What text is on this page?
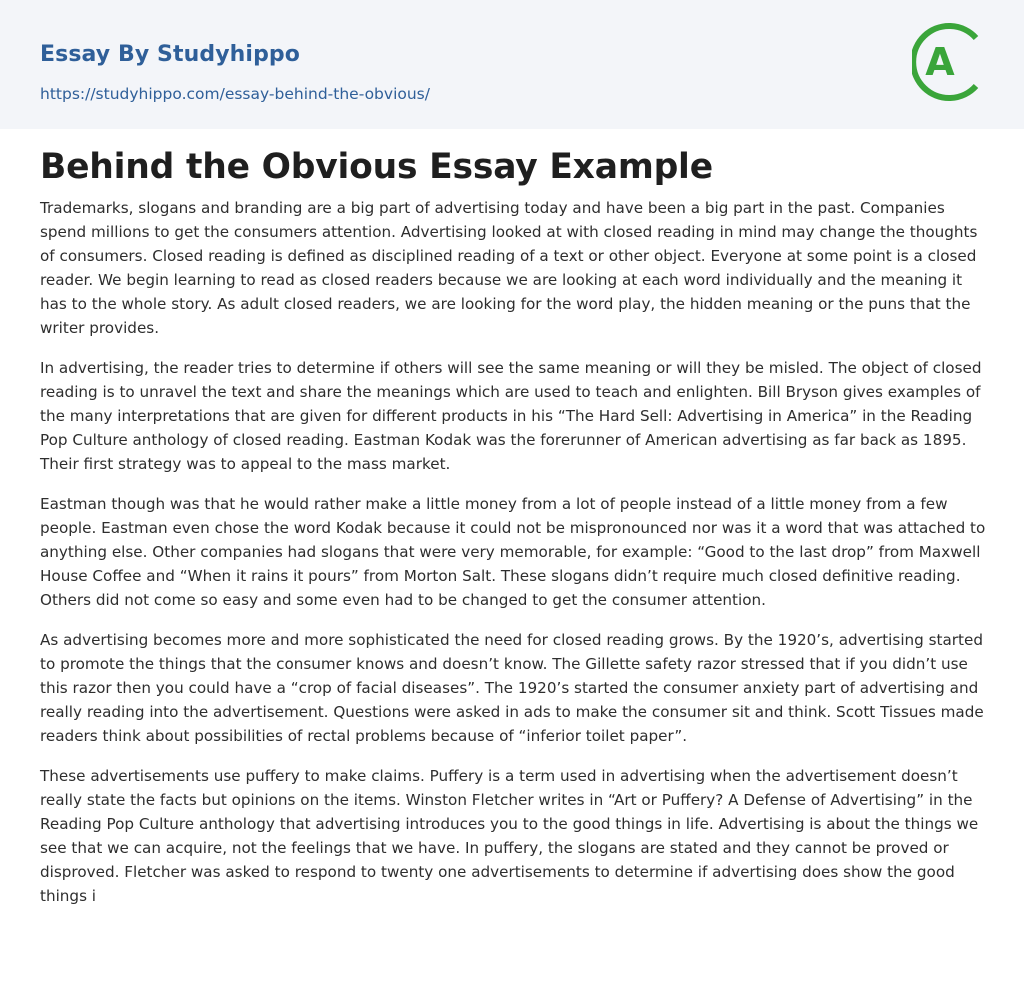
Essay By Studyhippo
https://studyhippo.com/essay-behind-the-obvious/
A
Behind the Obvious Essay Example

Trademarks, slogans and branding are a big part of advertising today and have been a big part in the past. Companies spend millions to get the consumers attention. Advertising looked at with closed reading in mind may change the thoughts of consumers. Closed reading is defined as disciplined reading of a text or other object. Everyone at some point is a closed reader. We begin learning to read as closed readers because we are looking at each word individually and the meaning it has to the whole story. As adult closed readers, we are looking for the word play, the hidden meaning or the puns that the writer provides.

In advertising, the reader tries to determine if others will see the same meaning or will they be misled. The object of closed reading is to unravel the text and share the meanings which are used to teach and enlighten. Bill Bryson gives examples of the many interpretations that are given for different products in his “The Hard Sell: Advertising in America” in the Reading Pop Culture anthology of closed reading. Eastman Kodak was the forerunner of American advertising as far back as 1895. Their first strategy was to appeal to the mass market.

Eastman though was that he would rather make a little money from a lot of people instead of a little money from a few people. Eastman even chose the word Kodak because it could not be mispronounced nor was it a word that was attached to anything else. Other companies had slogans that were very memorable, for example: “Good to the last drop” from Maxwell House Coffee and “When it rains it pours” from Morton Salt. These slogans didn’t require much closed definitive reading. Others did not come so easy and some even had to be changed to get the consumer attention.

As advertising becomes more and more sophisticated the need for closed reading grows. By the 1920’s, advertising started to promote the things that the consumer knows and doesn’t know. The Gillette safety razor stressed that if you didn’t use this razor then you could have a “crop of facial diseases”. The 1920’s started the consumer anxiety part of advertising and really reading into the advertisement. Questions were asked in ads to make the consumer sit and think. Scott Tissues made readers think about possibilities of rectal problems because of “inferior toilet paper”.

These advertisements use puffery to make claims. Puffery is a term used in advertising when the advertisement doesn’t really state the facts but opinions on the items. Winston Fletcher writes in “Art or Puffery? A Defense of Advertising” in the Reading Pop Culture anthology that advertising introduces you to the good things in life. Advertising is about the things we see that we can acquire, not the feelings that we have. In puffery, the slogans are stated and they cannot be proved or disproved. Fletcher was asked to respond to twenty one advertisements to determine if advertising does show the good things i
